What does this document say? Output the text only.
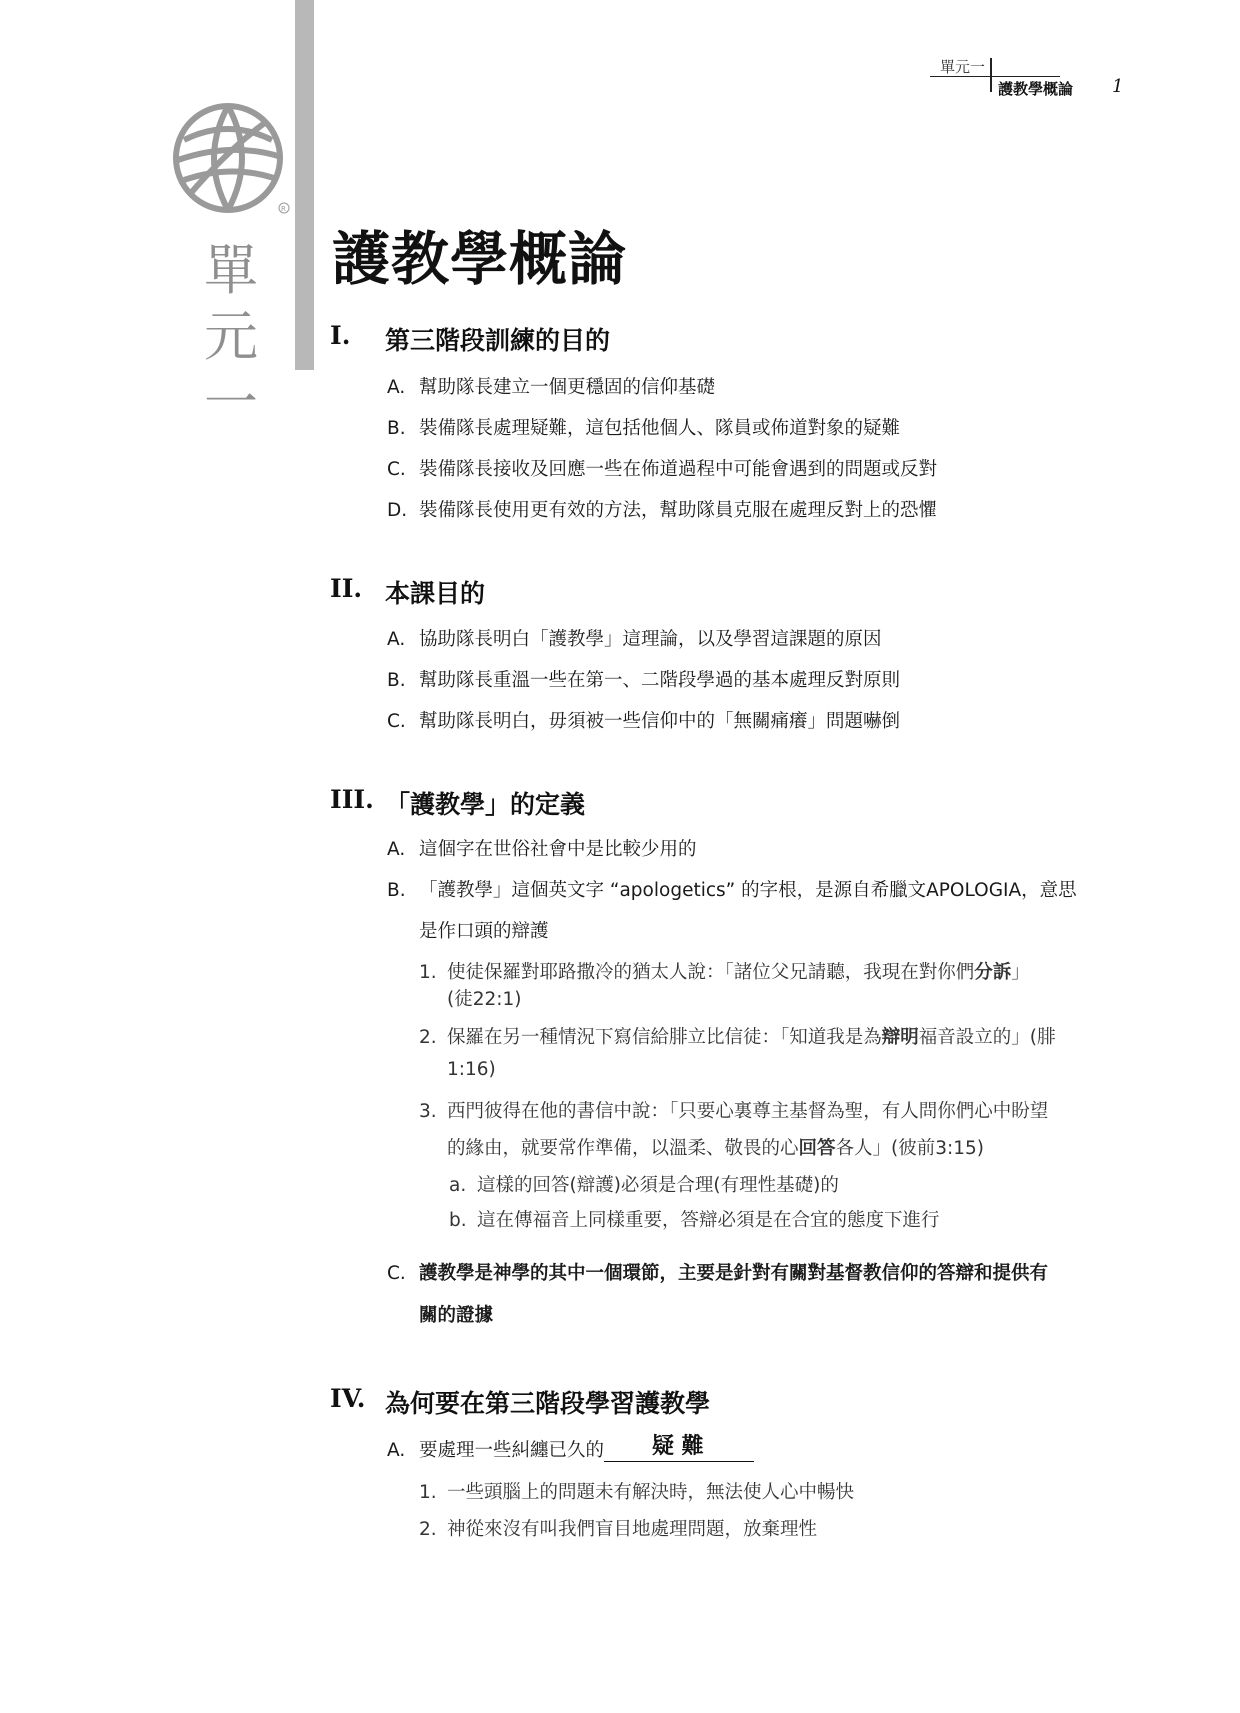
R
單
元
一
單元一
護教學概論 1
護教學概論
I. 第三階段訓練的目的
A. 幫助隊長建立一個更穩固的信仰基礎
B. 裝備隊長處理疑難，這包括他個人、隊員或佈道對象的疑難
C. 裝備隊長接收及回應一些在佈道過程中可能會遇到的問題或反對
D. 裝備隊長使用更有效的方法，幫助隊員克服在處理反對上的恐懼
II. 本課目的
A. 協助隊長明白「護教學」這理論，以及學習這課題的原因
B. 幫助隊長重溫一些在第一、二階段學過的基本處理反對原則
C. 幫助隊長明白，毋須被一些信仰中的「無關痛癢」問題嚇倒
III. 「護教學」的定義
A. 這個字在世俗社會中是比較少用的
B. 「護教學」這個英文字 “apologetics” 的字根，是源自希臘文APOLOGIA，意思
是作口頭的辯護
1. 使徒保羅對耶路撒冷的猶太人說：「諸位父兄請聽，我現在對你們分訴」
(徒22:1)
2. 保羅在另一種情況下寫信給腓立比信徒：「知道我是為辯明福音設立的」(腓
1:16)
3. 西門彼得在他的書信中說：「只要心裏尊主基督為聖，有人問你們心中盼望
的緣由，就要常作準備，以溫柔、敬畏的心回答各人」(彼前3:15)
a. 這樣的回答(辯護)必須是合理(有理性基礎)的
b. 這在傳福音上同樣重要，答辯必須是在合宜的態度下進行
C. 護教學是神學的其中一個環節，主要是針對有關對基督教信仰的答辯和提供有
關的證據
IV. 為何要在第三階段學習護教學
A. 要處理一些糾纏已久的 疑 難
1. 一些頭腦上的問題未有解決時，無法使人心中暢快
2. 神從來沒有叫我們盲目地處理問題，放棄理性
